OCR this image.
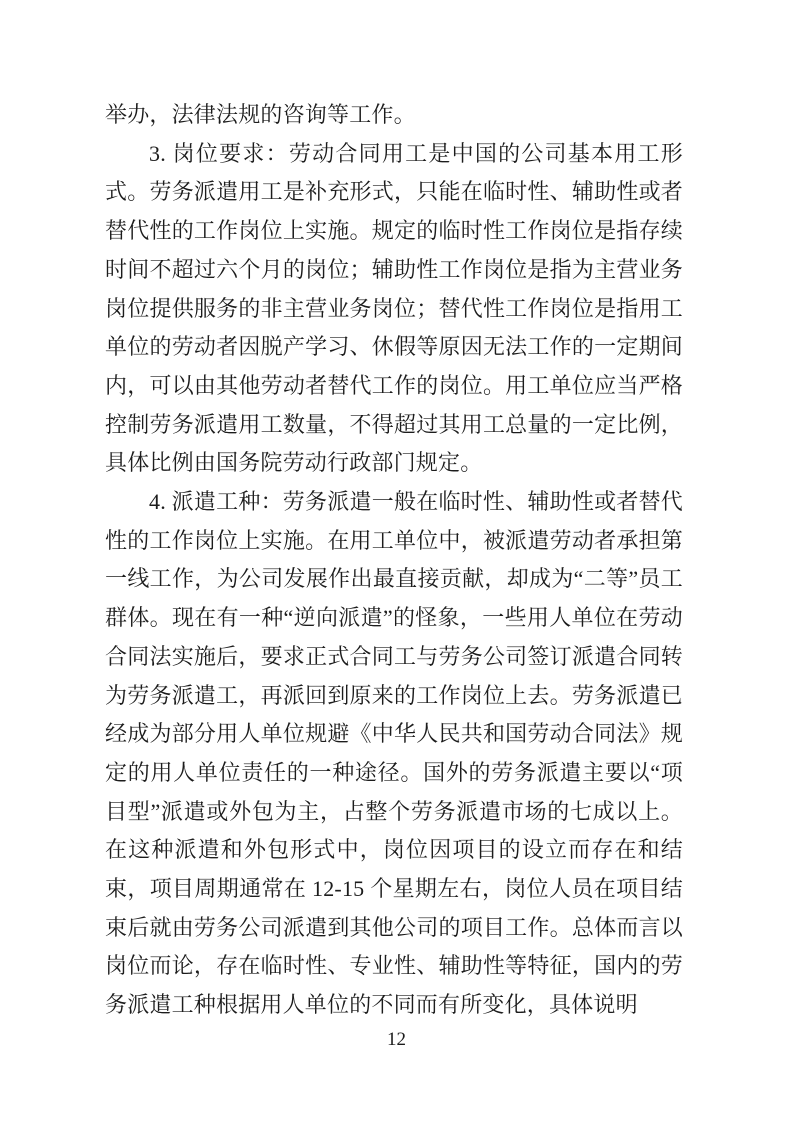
举办，法律法规的咨询等工作。

3. 岗位要求：劳动合同用工是中国的公司基本用工形式。劳务派遣用工是补充形式，只能在临时性、辅助性或者替代性的工作岗位上实施。规定的临时性工作岗位是指存续时间不超过六个月的岗位；辅助性工作岗位是指为主营业务岗位提供服务的非主营业务岗位；替代性工作岗位是指用工单位的劳动者因脱产学习、休假等原因无法工作的一定期间内，可以由其他劳动者替代工作的岗位。用工单位应当严格控制劳务派遣用工数量，不得超过其用工总量的一定比例，具体比例由国务院劳动行政部门规定。

4. 派遣工种：劳务派遣一般在临时性、辅助性或者替代性的工作岗位上实施。在用工单位中，被派遣劳动者承担第一线工作，为公司发展作出最直接贡献，却成为“二等”员工群体。现在有一种“逆向派遣”的怪象，一些用人单位在劳动合同法实施后，要求正式合同工与劳务公司签订派遣合同转为劳务派遣工，再派回到原来的工作岗位上去。劳务派遣已经成为部分用人单位规避《中华人民共和国劳动合同法》规定的用人单位责任的一种途径。国外的劳务派遣主要以“项目型”派遣或外包为主，占整个劳务派遣市场的七成以上。在这种派遣和外包形式中，岗位因项目的设立而存在和结束，项目周期通常在 12-15 个星期左右，岗位人员在项目结束后就由劳务公司派遣到其他公司的项目工作。总体而言以岗位而论，存在临时性、专业性、辅助性等特征，国内的劳务派遣工种根据用人单位的不同而有所变化，具体说明

12
